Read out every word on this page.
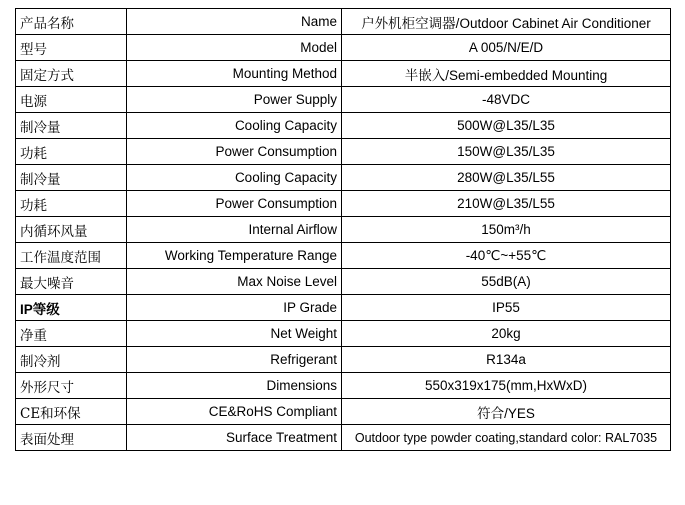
产品名称	Name	户外机柜空调器/Outdoor Cabinet Air Conditioner
型号	Model	A 005/N/E/D
固定方式	Mounting Method	半嵌入/Semi-embedded Mounting
电源	Power Supply	-48VDC
制冷量	Cooling Capacity	500W@L35/L35
功耗	Power Consumption	150W@L35/L35
制冷量	Cooling Capacity	280W@L35/L55
功耗	Power Consumption	210W@L35/L55
内循环风量	Internal Airflow	150m³/h
工作温度范围	Working Temperature Range	-40℃~+55℃
最大噪音	Max Noise Level	55dB(A)
IP等级	IP Grade	IP55
净重	Net Weight	20kg
制冷剂	Refrigerant	R134a
外形尺寸	Dimensions	550x319x175(mm,HxWxD)
CE和环保	CE&RoHS Compliant	符合/YES
表面处理	Surface Treatment	Outdoor type powder coating,standard color: RAL7035
